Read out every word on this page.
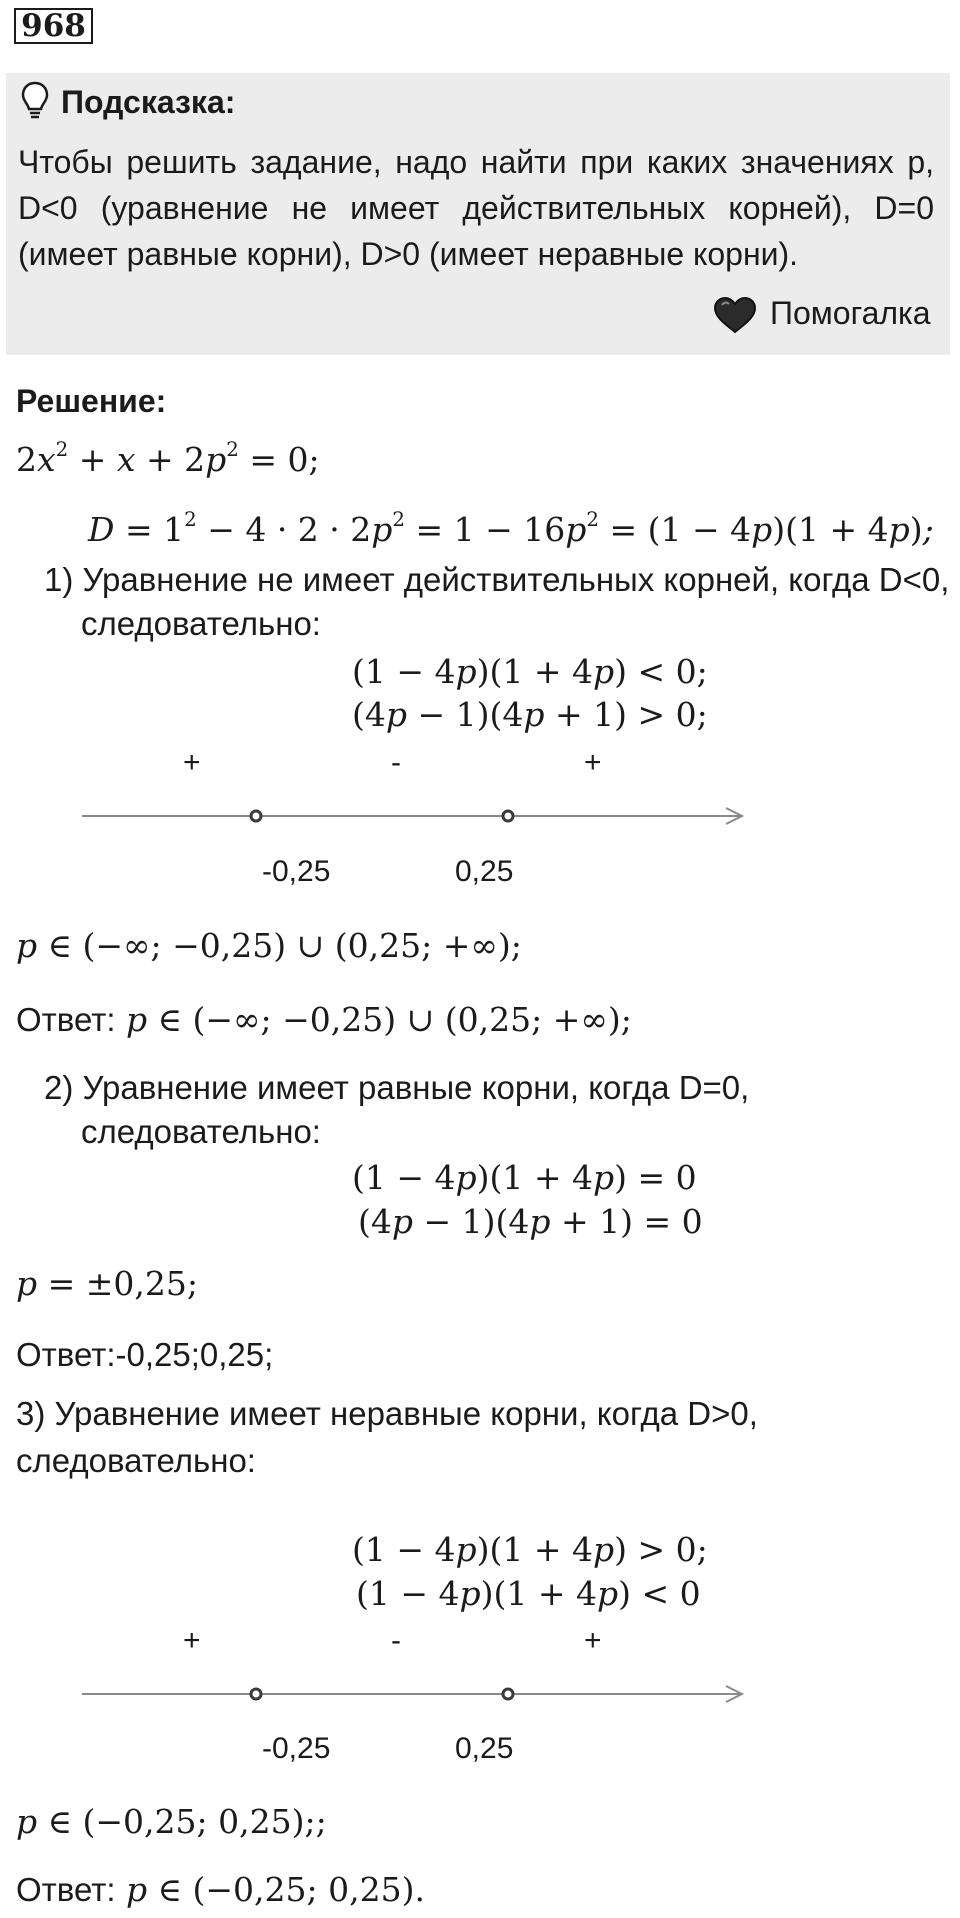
968
Подсказка:
Чтобы решить задание, надо найти при каких значениях p, D<0 (уравнение не имеет действительных корней), D=0 (имеет равные корни), D>0 (имеет неравные корни).
Помогалка
Решение:
$2x^2 + x + 2p^2 = 0$;
$D = 1^2 - 4 \cdot 2 \cdot 2p^2 = 1 - 16p^2 = (1 - 4p)(1 + 4p)$;
1) Уравнение не имеет действительных корней, когда D<0,
следовательно:
(1 − 4p)(1 + 4p) < 0;
(4p − 1)(4p + 1) > 0;
+	-	+
-0,25	0,25
p ∈ (−∞; −0,25) ∪ (0,25; +∞);
Ответ: p ∈ (−∞; −0,25) ∪ (0,25; +∞);
2) Уравнение имеет равные корни, когда D=0,
следовательно:
(1 − 4p)(1 + 4p) = 0
(4p − 1)(4p + 1) = 0
p = ±0,25;
Ответ:-0,25;0,25;
3) Уравнение имеет неравные корни, когда D>0,
следовательно:
(1 − 4p)(1 + 4p) > 0;
(1 − 4p)(1 + 4p) < 0
+	-	+
-0,25	0,25
p ∈ (−0,25; 0,25);;
Ответ: p ∈ (−0,25; 0,25).
